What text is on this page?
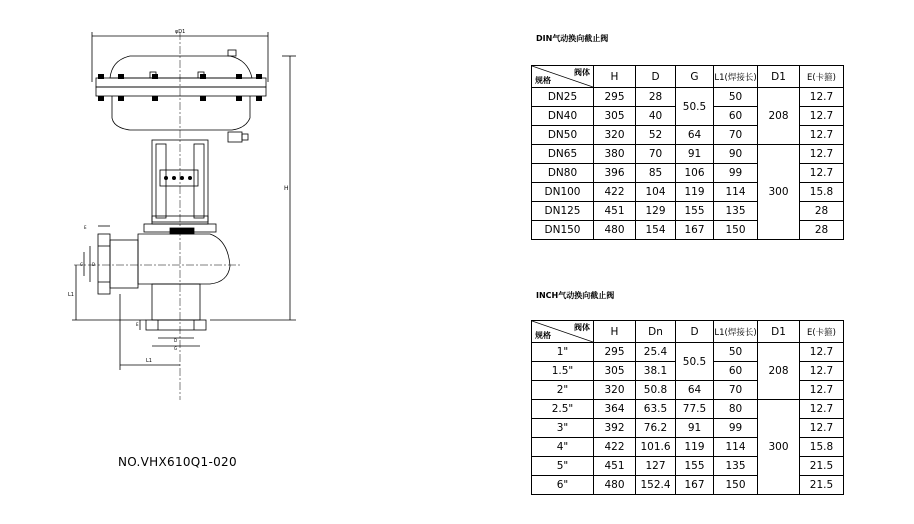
φD1
H
L1
G D
E
D
G
E
L1
NO.VHX610Q1-020
DIN气动换向截止阀
阀体
规格	H	D	G	L1(焊接长)	D1	E(卡箍)
DN25	295	28	50.5	50	208	12.7
DN40	305	40		60		12.7
DN50	320	52	64	70		12.7
DN65	380	70	91	90	300	12.7
DN80	396	85	106	99		12.7
DN100	422	104	119	114		15.8
DN125	451	129	155	135		28
DN150	480	154	167	150		28
INCH气动换向截止阀
阀体
规格	H	Dn	D	L1(焊接长)	D1	E(卡箍)
1"	295	25.4	50.5	50	208	12.7
1.5"	305	38.1		60		12.7
2"	320	50.8	64	70		12.7
2.5"	364	63.5	77.5	80	300	12.7
3"	392	76.2	91	99		12.7
4"	422	101.6	119	114		15.8
5"	451	127	155	135		21.5
6"	480	152.4	167	150		21.5
